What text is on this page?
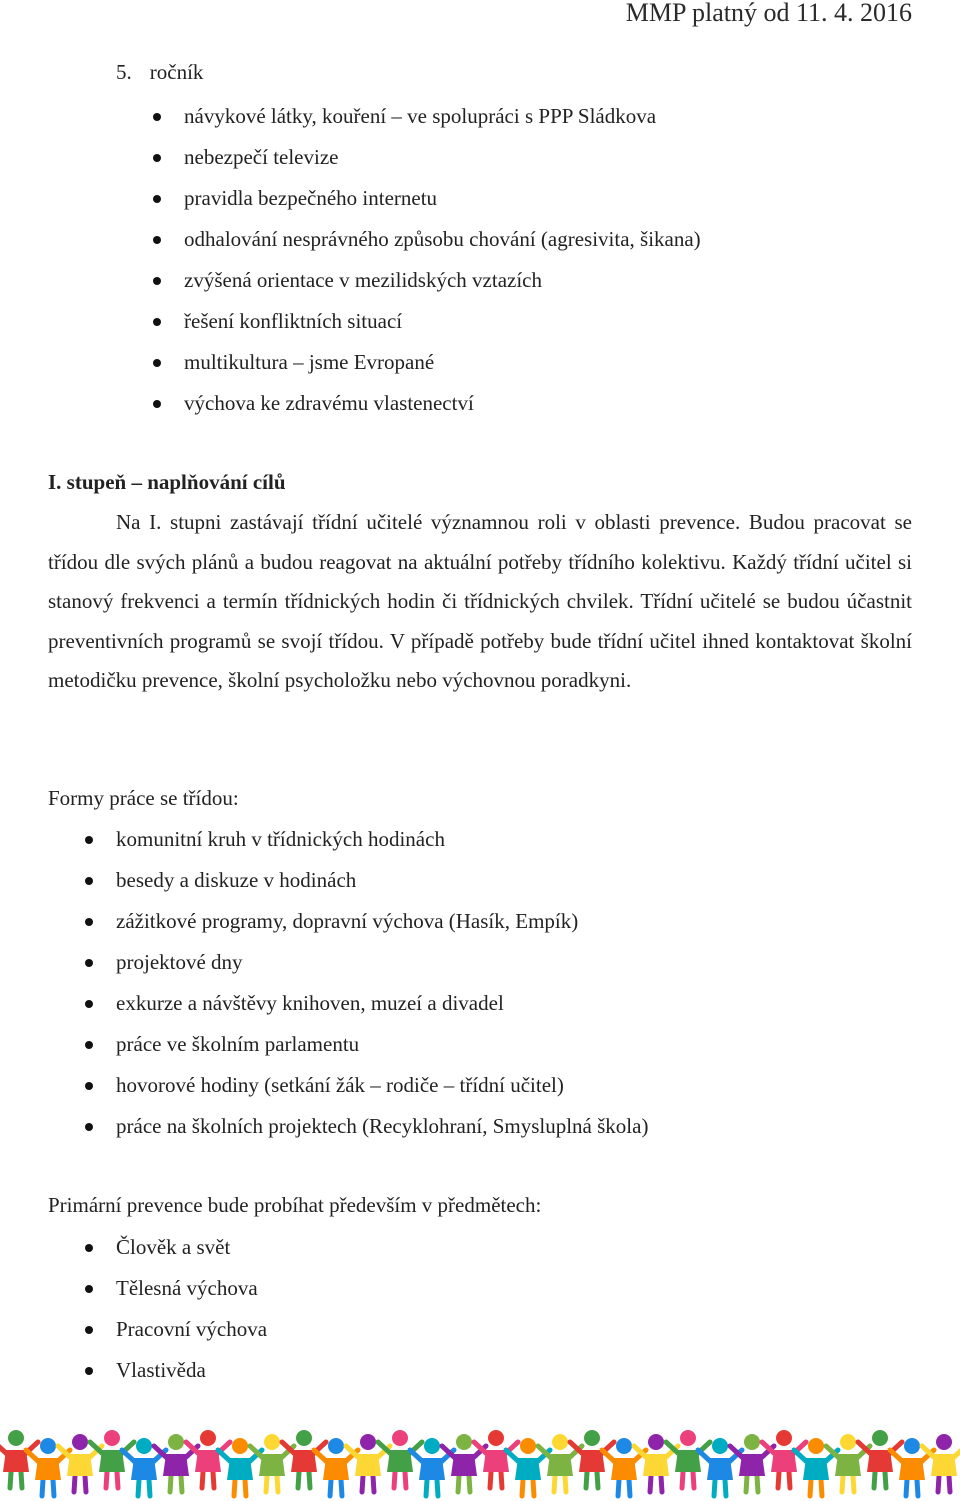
MMP platný od 11. 4. 2016
5. ročník
návykové látky, kouření – ve spolupráci s PPP Sládkova
nebezpečí televize
pravidla bezpečného internetu
odhalování nesprávného způsobu chování (agresivita, šikana)
zvýšená orientace v mezilidských vztazích
řešení konfliktních situací
multikultura – jsme Evropané
výchova ke zdravému vlastenectví
I. stupeň – naplňování cílů
Na I. stupni zastávají třídní učitelé významnou roli v oblasti prevence. Budou pracovat se třídou dle svých plánů a budou reagovat na aktuální potřeby třídního kolektivu. Každý třídní učitel si stanový frekvenci a termín třídnických hodin či třídnických chvilek. Třídní učitelé se budou účastnit preventivních programů se svojí třídou. V případě potřeby bude třídní učitel ihned kontaktovat školní metodičku prevence, školní psycholožku nebo výchovnou poradkyni.
Formy práce se třídou:
komunitní kruh v třídnických hodinách
besedy a diskuze v hodinách
zážitkové programy, dopravní výchova (Hasík, Empík)
projektové dny
exkurze a návštěvy knihoven, muzeí a divadel
práce ve školním parlamentu
hovorové hodiny (setkání žák – rodiče – třídní učitel)
práce na školních projektech (Recyklohraní, Smysluplná škola)
Primární prevence bude probíhat především v předmětech:
Člověk a svět
Tělesná výchova
Pracovní výchova
Vlastivěda
